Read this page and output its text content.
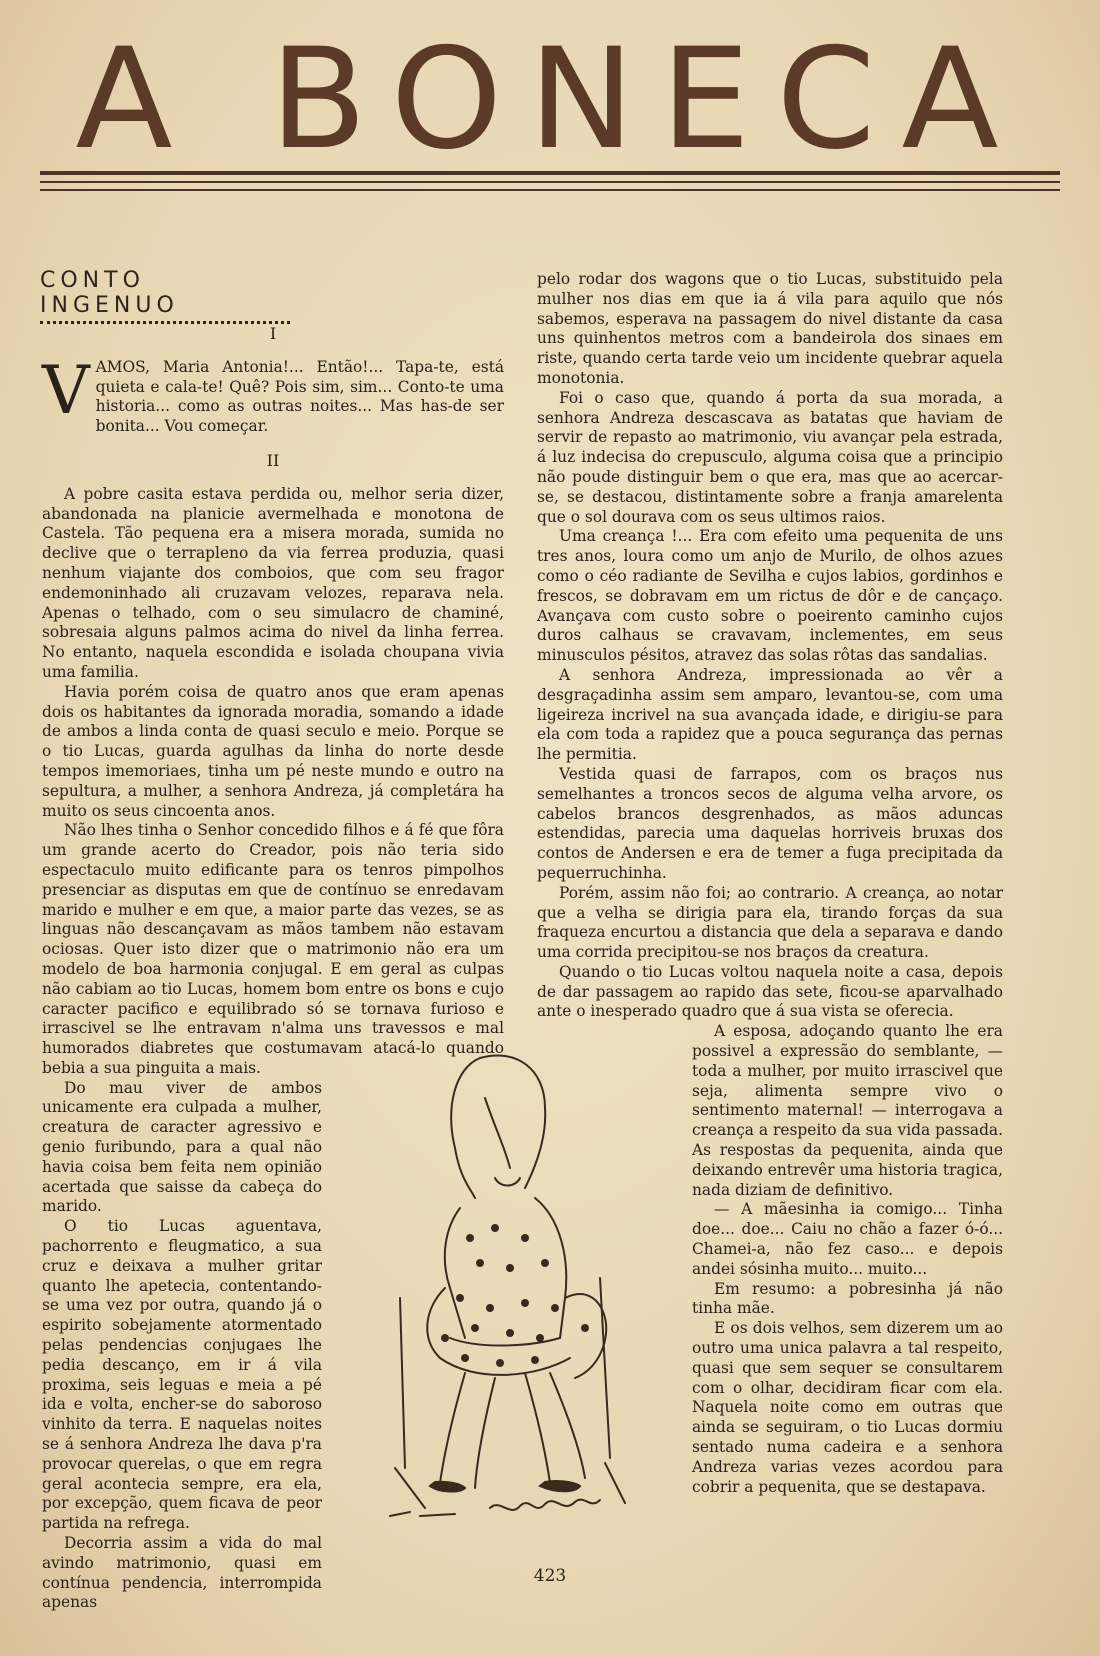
A BONECA
CONTO INGENUO

I

VAMOS, Maria Antonia!... Então!... Tapa-te, está quieta e cala-te! Quê? Pois sim, sim... Conto-te uma historia... como as outras noites... Mas has-de ser bonita... Vou começar.

II

A pobre casita estava perdida ou, melhor seria dizer, abandonada na planicie avermelhada e monotona de Castela. Tão pequena era a misera morada, sumida no declive que o terrapleno da via ferrea produzia, quasi nenhum viajante dos comboios, que com seu fragor endemoninhado ali cruzavam velozes, reparava nela. Apenas o telhado, com o seu simulacro de chaminé, sobresaia alguns palmos acima do nivel da linha ferrea. No entanto, naquela escondida e isolada choupana vivia uma familia.

Havia porém coisa de quatro anos que eram apenas dois os habitantes da ignorada moradia, somando a idade de ambos a linda conta de quasi seculo e meio. Porque se o tio Lucas, guarda agulhas da linha do norte desde tempos imemoriaes, tinha um pé neste mundo e outro na sepultura, a mulher, a senhora Andreza, já completára ha muito os seus cincoenta anos.

Não lhes tinha o Senhor concedido filhos e á fé que fôra um grande acerto do Creador, pois não teria sido espectaculo muito edificante para os tenros pimpolhos presenciar as disputas em que de contínuo se enredavam marido e mulher e em que, a maior parte das vezes, se as linguas não descançavam as mãos tambem não estavam ociosas. Quer isto dizer que o matrimonio não era um modelo de boa harmonia conjugal. E em geral as culpas não cabiam ao tio Lucas, homem bom entre os bons e cujo caracter pacifico e equilibrado só se tornava furioso e irrascivel se lhe entravam n'alma uns travessos e mal humorados diabretes que costumavam atacá-lo quando bebia a sua pinguita a mais.

Do mau viver de ambos unicamente era culpada a mulher, creatura de caracter agressivo e genio furibundo, para a qual não havia coisa bem feita nem opinião acertada que saisse da cabeça do marido.

O tio Lucas aguentava, pachorrento e fleugmatico, a sua cruz e deixava a mulher gritar quanto lhe apetecia, contentando-se uma vez por outra, quando já o espirito sobejamente atormentado pelas pendencias conjugaes lhe pedia descanço, em ir á vila proxima, seis leguas e meia a pé ida e volta, encher-se do saboroso vinhito da terra. E naquelas noites se á senhora Andreza lhe dava p'ra provocar querelas, o que em regra geral acontecia sempre, era ela, por excepção, quem ficava de peor partida na refrega.

Decorria assim a vida do mal avindo matrimonio, quasi em contínua pendencia, interrompida apenas

pelo rodar dos wagons que o tio Lucas, substituido pela mulher nos dias em que ia á vila para aquilo que nós sabemos, esperava na passagem do nivel distante da casa uns quinhentos metros com a bandeirola dos sinaes em riste, quando certa tarde veio um incidente quebrar aquela monotonia.

Foi o caso que, quando á porta da sua morada, a senhora Andreza descascava as batatas que haviam de servir de repasto ao matrimonio, viu avançar pela estrada, á luz indecisa do crepusculo, alguma coisa que a principio não poude distinguir bem o que era, mas que ao acercar-se, se destacou, distintamente sobre a franja amarelenta que o sol dourava com os seus ultimos raios.

Uma creança !... Era com efeito uma pequenita de uns tres anos, loura como um anjo de Murilo, de olhos azues como o céo radiante de Sevilha e cujos labios, gordinhos e frescos, se dobravam em um rictus de dôr e de cançaço. Avançava com custo sobre o poeirento caminho cujos duros calhaus se cravavam, inclementes, em seus minusculos pésitos, atravez das solas rôtas das sandalias.

A senhora Andreza, impressionada ao vêr a desgraçadinha assim sem amparo, levantou-se, com uma ligeireza incrivel na sua avançada idade, e dirigiu-se para ela com toda a rapidez que a pouca segurança das pernas lhe permitia.

Vestida quasi de farrapos, com os braços nus semelhantes a troncos secos de alguma velha arvore, os cabelos brancos desgrenhados, as mãos aduncas estendidas, parecia uma daquelas horriveis bruxas dos contos de Andersen e era de temer a fuga precipitada da pequerruchinha.

Porém, assim não foi; ao contrario. A creança, ao notar que a velha se dirigia para ela, tirando forças da sua fraqueza encurtou a distancia que dela a separava e dando uma corrida precipitou-se nos braços da creatura.

Quando o tio Lucas voltou naquela noite a casa, depois de dar passagem ao rapido das sete, ficou-se aparvalhado ante o inesperado quadro que á sua vista se oferecia.

A esposa, adoçando quanto lhe era possivel a expressão do semblante, — toda a mulher, por muito irrascivel que seja, alimenta sempre vivo o sentimento maternal! — interrogava a creança a respeito da sua vida passada. As respostas da pequenita, ainda que deixando entrevêr uma historia tragica, nada diziam de definitivo.

— A mãesinha ia comigo... Tinha doe... doe... Caiu no chão a fazer ó-ó... Chamei-a, não fez caso... e depois andei sósinha muito... muito...

Em resumo: a pobresinha já não tinha mãe.

E os dois velhos, sem dizerem um ao outro uma unica palavra a tal respeito, quasi que sem sequer se consultarem com o olhar, decidiram ficar com ela. Naquela noite como em outras que ainda se seguiram, o tio Lucas dormiu sentado numa cadeira e a senhora Andreza varias vezes acordou para cobrir a pequenita, que se destapava.

423
